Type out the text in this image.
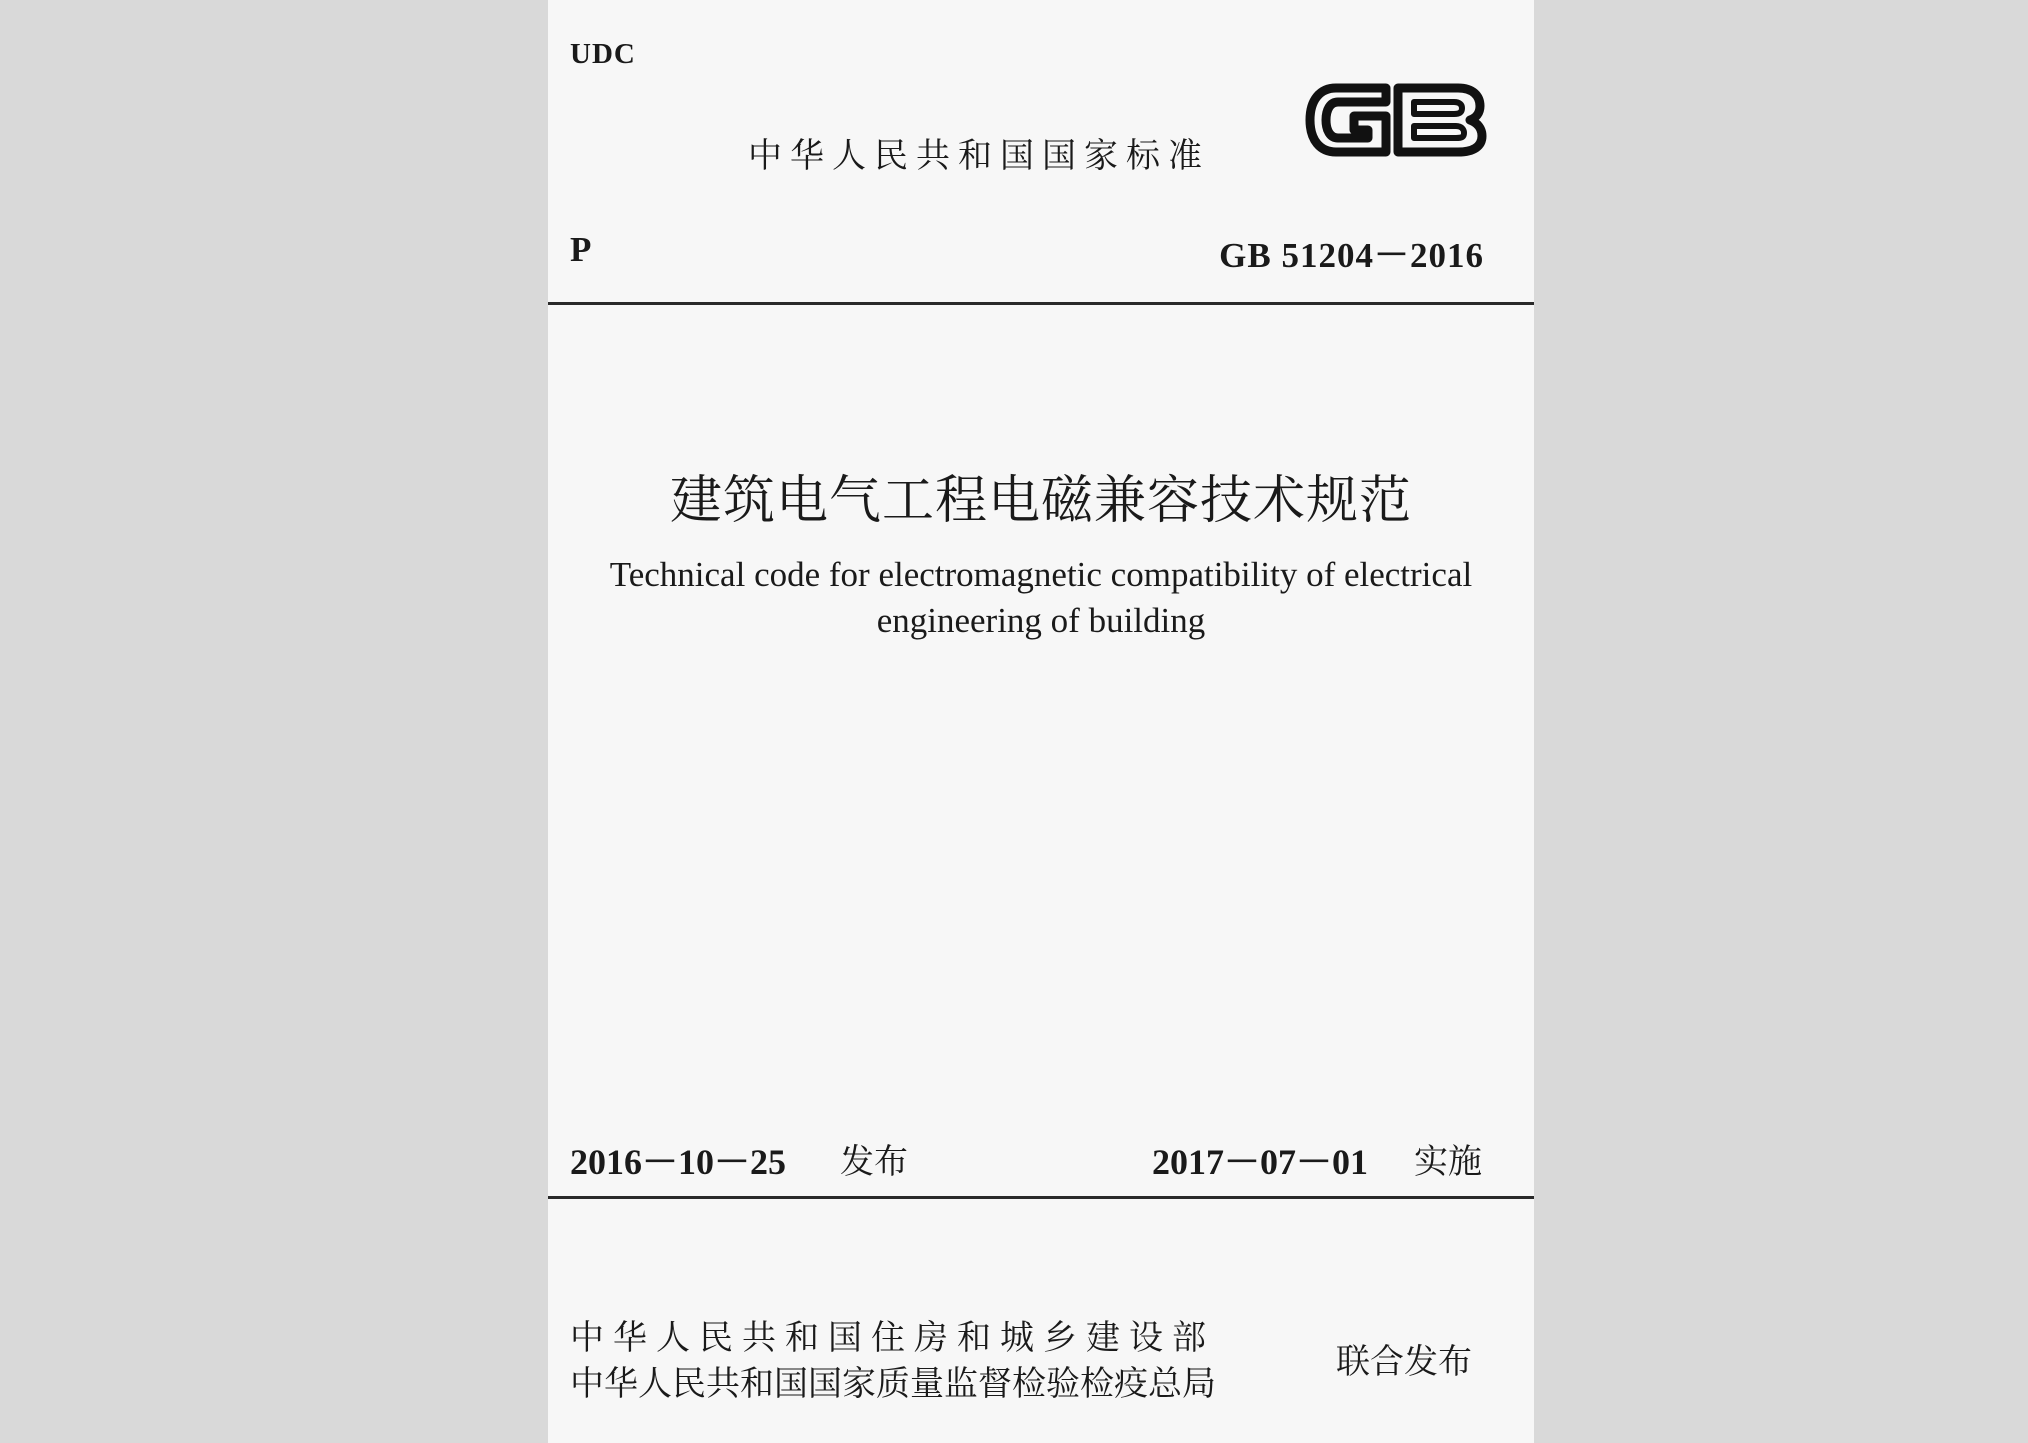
UDC
中华人民共和国国家标准
GB
P	GB 51204－2016
建筑电气工程电磁兼容技术规范
Technical code for electromagnetic compatibility of electrical
engineering of building
2016－10－25 发布	2017－07－01 实施
中华人民共和国住房和城乡建设部
中华人民共和国国家质量监督检验检疫总局
联合发布
